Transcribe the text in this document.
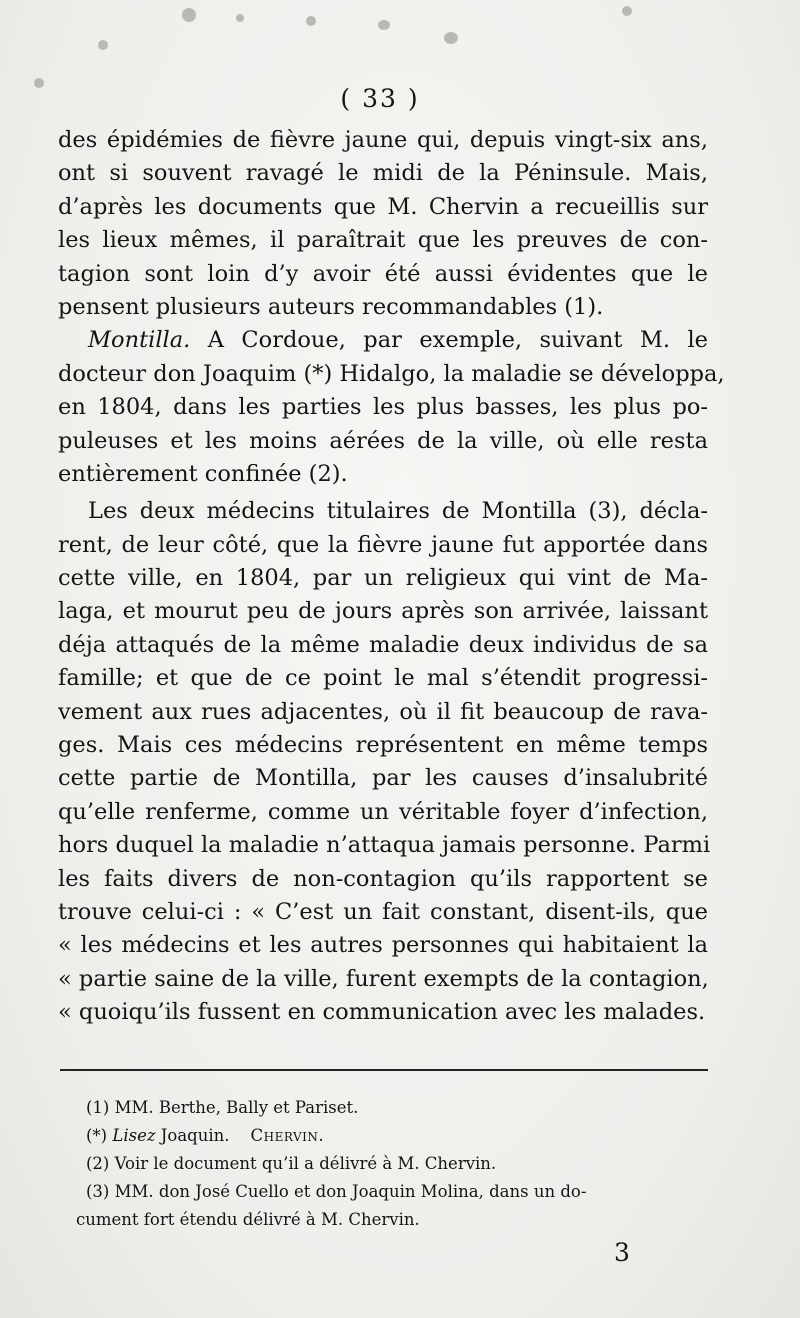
( 33 )
des épidémies de fièvre jaune qui, depuis vingt-six ans,
ont si souvent ravagé le midi de la Péninsule. Mais,
d’après les documents que M. Chervin a recueillis sur
les lieux mêmes, il paraîtrait que les preuves de con-
tagion sont loin d’y avoir été aussi évidentes que le
pensent plusieurs auteurs recommandables (1).
Montilla. A Cordoue, par exemple, suivant M. le
docteur don Joaquim (*) Hidalgo, la maladie se développa,
en 1804, dans les parties les plus basses, les plus po-
puleuses et les moins aérées de la ville, où elle resta
entièrement confinée (2).
Les deux médecins titulaires de Montilla (3), décla-
rent, de leur côté, que la fièvre jaune fut apportée dans
cette ville, en 1804, par un religieux qui vint de Ma-
laga, et mourut peu de jours après son arrivée, laissant
déja attaqués de la même maladie deux individus de sa
famille; et que de ce point le mal s’étendit progressi-
vement aux rues adjacentes, où il fit beaucoup de rava-
ges. Mais ces médecins représentent en même temps
cette partie de Montilla, par les causes d’insalubrité
qu’elle renferme, comme un véritable foyer d’infection,
hors duquel la maladie n’attaqua jamais personne. Parmi
les faits divers de non-contagion qu’ils rapportent se
trouve celui-ci : « C’est un fait constant, disent-ils, que
« les médecins et les autres personnes qui habitaient la
« partie saine de la ville, furent exempts de la contagion,
« quoiqu’ils fussent en communication avec les malades.
(1) MM. Berthe, Bally et Pariset.
(*) Lisez Joaquin. Chervin.
(2) Voir le document qu’il a délivré à M. Chervin.
(3) MM. don José Cuello et don Joaquin Molina, dans un do-
cument fort étendu délivré à M. Chervin.
3
